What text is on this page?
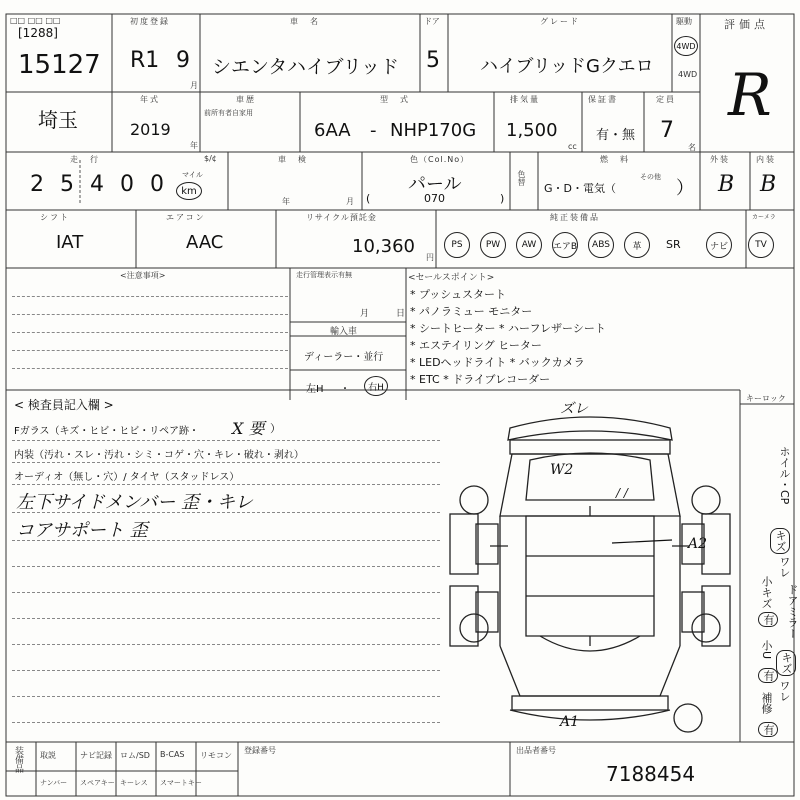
□□ □□ □□
[1288]
15127
初度登録
R1 9
月
車　名
シエンタハイブリッド
ドア
5
グレード
ハイブリッドGクエロ
駆動
4WD
4WD
評価点
R
埼玉
年式
2019
年
車歴
前所有者自家用
型　式
6AA - NHP170G
排気量
1,500
cc
保証書
有・無
定員
7
名
走　行
2 5 4 0 0	マイル
km
$/¢	車　検
年	月
色（Col.No）
パール
(	070	)
色替
燃　料
G・D・電気（
その他
）
外装
B
内装
B
シフト
IAT
エアコン
AAC
リサイクル預託金
10,360
円
純正装備品
PS	PW	AW	エアB	ABS	革	SR	ナビ	TV
カーメラ
<注意事項>	走行管理表示有無
月	日
輸入車
ディーラー・並行
左H ・	右H
<セールスポイント>
* プッシュスタート
* パノラミュー モニター
* シートヒーター * ハーフレザーシート
* エステイリング ヒーター
* LEDヘッドライト * バックカメラ
* ETC * ドライブレコーダー
< 検査員記入欄 >
Fガラス（キズ・ヒビ・ヒビ・リペア跡・ X 要 ）
内装（汚れ・スレ・汚れ・シミ・コゲ・穴・キレ・破れ・剥れ）
オーディオ（無し・穴）/ タイヤ（スタッドレス）
左下サイドメンバー 歪・キレ
コアサポート 歪
ズレ
W2
/ /
A2
A1
キーロック
ホイル・CP
キズ
ワレ
ドアミラー
小キズ
有
小U
有
キズ
ワレ
補修
有
装備品 取説	ナビ記録 ロム/SD B-CAS リモコン
ナンバー スペアキー キーレス スマートキー
登録番号	出品者番号
7188454
